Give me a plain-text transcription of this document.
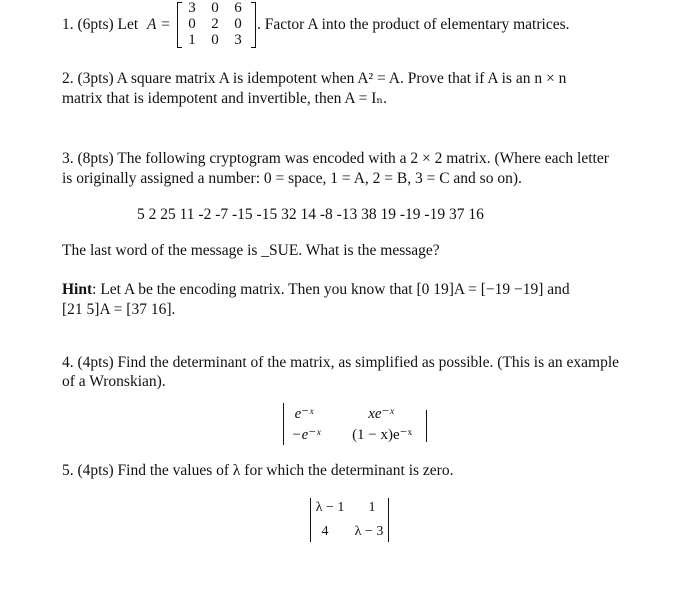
1. (6pts) Let A =
3	0	6
0	2	0
1	0	3
. Factor A into the product of elementary matrices.
2. (3pts) A square matrix A is idempotent when A² = A. Prove that if A is an n × n
matrix that is idempotent and invertible, then A = Iₙ.
3. (8pts) The following cryptogram was encoded with a 2 × 2 matrix. (Where each letter
is originally assigned a number: 0 = space, 1 = A, 2 = B, 3 = C and so on).
5 2 25 11 -2 -7 -15 -15 32 14 -8 -13 38 19 -19 -19 37 16
The last word of the message is _SUE. What is the message?
Hint: Let A be the encoding matrix. Then you know that [0 19]A = [−19 −19] and
[21 5]A = [37 16].
4. (4pts) Find the determinant of the matrix, as simplified as possible. (This is an example
of a Wronskian).
e⁻ˣ	xe⁻ˣ
−e⁻ˣ	(1 − x)e⁻ˣ
5. (4pts) Find the values of λ for which the determinant is zero.
λ − 1	1
4	λ − 3
